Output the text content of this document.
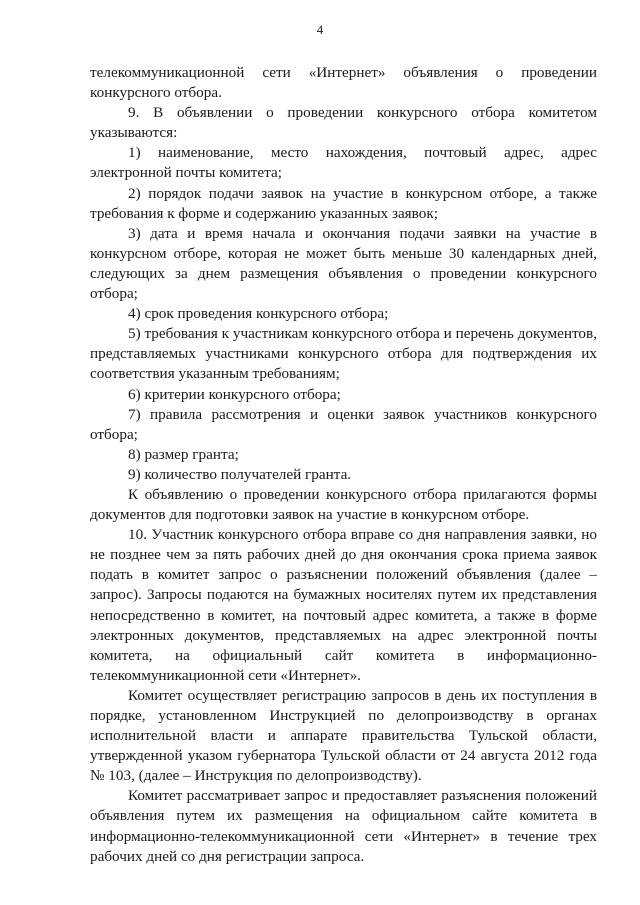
4

телекоммуникационной сети «Интернет» объявления о проведении конкурсного отбора.

9. В объявлении о проведении конкурсного отбора комитетом указываются:

1) наименование, место нахождения, почтовый адрес, адрес электронной почты комитета;

2) порядок подачи заявок на участие в конкурсном отборе, а также требования к форме и содержанию указанных заявок;

3) дата и время начала и окончания подачи заявки на участие в конкурсном отборе, которая не может быть меньше 30 календарных дней, следующих за днем размещения объявления о проведении конкурсного отбора;

4) срок проведения конкурсного отбора;

5) требования к участникам конкурсного отбора и перечень документов, представляемых участниками конкурсного отбора для подтверждения их соответствия указанным требованиям;

6) критерии конкурсного отбора;

7) правила рассмотрения и оценки заявок участников конкурсного отбора;

8) размер гранта;

9) количество получателей гранта.

К объявлению о проведении конкурсного отбора прилагаются формы документов для подготовки заявок на участие в конкурсном отборе.

10. Участник конкурсного отбора вправе со дня направления заявки, но не позднее чем за пять рабочих дней до дня окончания срока приема заявок подать в комитет запрос о разъяснении положений объявления (далее – запрос). Запросы подаются на бумажных носителях путем их представления непосредственно в комитет, на почтовый адрес комитета, а также в форме электронных документов, представляемых на адрес электронной почты комитета, на официальный сайт комитета в информационно-телекоммуникационной сети «Интернет».

Комитет осуществляет регистрацию запросов в день их поступления в порядке, установленном Инструкцией по делопроизводству в органах исполнительной власти и аппарате правительства Тульской области, утвержденной указом губернатора Тульской области от 24 августа 2012 года № 103, (далее – Инструкция по делопроизводству).

Комитет рассматривает запрос и предоставляет разъяснения положений объявления путем их размещения на официальном сайте комитета в информационно-телекоммуникационной сети «Интернет» в течение трех рабочих дней со дня регистрации запроса.
